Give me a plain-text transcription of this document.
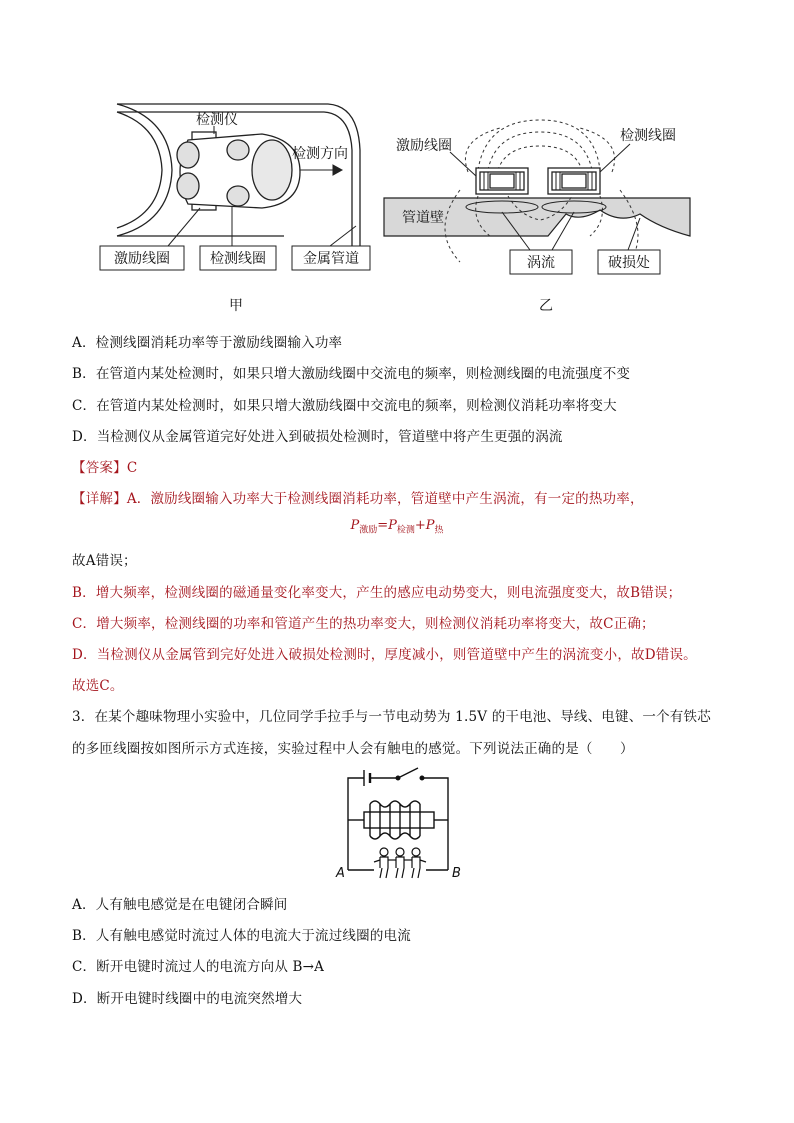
检测仪
检测方向
激励线圈	检测线圈	金属管道
甲
激励线圈
检测线圈
管道壁
涡流	破损处
乙
A．检测线圈消耗功率等于激励线圈输入功率
B．在管道内某处检测时，如果只增大激励线圈中交流电的频率，则检测线圈的电流强度不变
C．在管道内某处检测时，如果只增大激励线圈中交流电的频率，则检测仪消耗功率将变大
D．当检测仪从金属管道完好处进入到破损处检测时，管道壁中将产生更强的涡流
【答案】C
【详解】A．激励线圈输入功率大于检测线圈消耗功率，管道壁中产生涡流，有一定的热功率，
$P_{激励}=P_{检测}+P_热$
故A错误；
B．增大频率，检测线圈的磁通量变化率变大，产生的感应电动势变大，则电流强度变大，故B错误；
C．增大频率，检测线圈的功率和管道产生的热功率变大，则检测仪消耗功率将变大，故C正确；
D．当检测仪从金属管到完好处进入破损处检测时，厚度减小，则管道壁中产生的涡流变小，故D错误。
故选C。
3．在某个趣味物理小实验中，几位同学手拉手与一节电动势为 1.5V 的干电池、导线、电键、一个有铁芯
的多匝线圈按如图所示方式连接，实验过程中人会有触电的感觉。下列说法正确的是（　　）
A	B
A．人有触电感觉是在电键闭合瞬间
B．人有触电感觉时流过人体的电流大于流过线圈的电流
C．断开电键时流过人的电流方向从 B→A
D．断开电键时线圈中的电流突然增大
